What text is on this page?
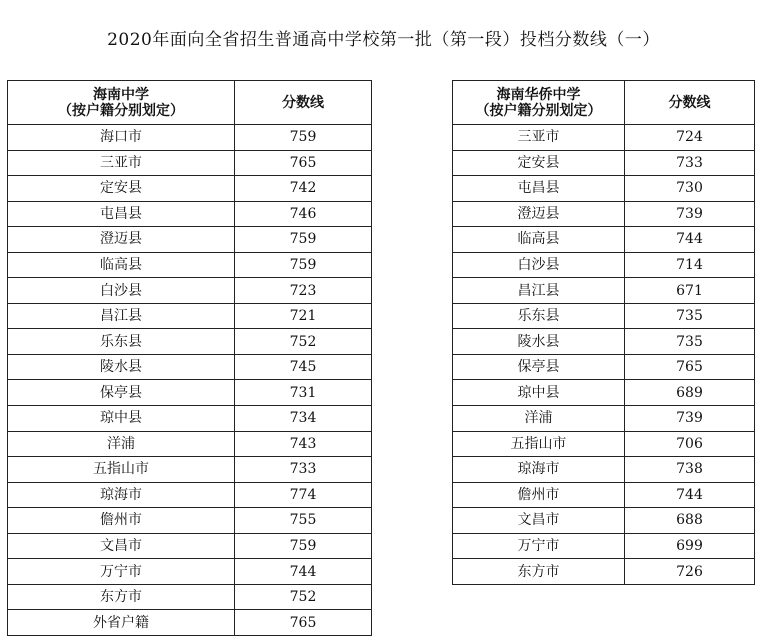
2020年面向全省招生普通高中学校第一批（第一段）投档分数线（一）
海南中学
（按户籍分别划定）	分数线
海口市	759
三亚市	765
定安县	742
屯昌县	746
澄迈县	759
临高县	759
白沙县	723
昌江县	721
乐东县	752
陵水县	745
保亭县	731
琼中县	734
洋浦	743
五指山市	733
琼海市	774
儋州市	755
文昌市	759
万宁市	744
东方市	752
外省户籍	765
海南华侨中学
（按户籍分别划定）	分数线
三亚市	724
定安县	733
屯昌县	730
澄迈县	739
临高县	744
白沙县	714
昌江县	671
乐东县	735
陵水县	735
保亭县	765
琼中县	689
洋浦	739
五指山市	706
琼海市	738
儋州市	744
文昌市	688
万宁市	699
东方市	726
